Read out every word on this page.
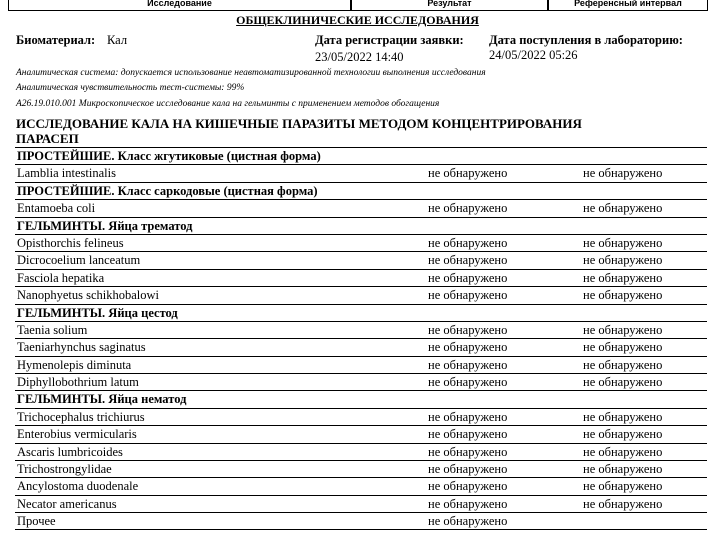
Исследование	Результат	Референсный интервал
ОБЩЕКЛИНИЧЕСКИЕ ИССЛЕДОВАНИЯ
Биоматериал: Кал	Дата регистрации заявки:
23/05/2022 14:40
Дата поступления в лабораторию:
24/05/2022 05:26
Аналитическая система: допускается использование неавтоматизированной технологии выполнения исследования
Аналитическая чувствительность тест-системы: 99%
A26.19.010.001 Микроскопическое исследование кала на гельминты с применением методов обогащения
ИССЛЕДОВАНИЕ КАЛА НА КИШЕЧНЫЕ ПАРАЗИТЫ МЕТОДОМ КОНЦЕНТРИРОВАНИЯ ПАРАСЕП
ПРОСТЕЙШИЕ. Класс жгутиковые (цистная форма)
Lamblia intestinalis	не обнаружено	не обнаружено
ПРОСТЕЙШИЕ. Класс саркодовые (цистная форма)
Entamoeba coli	не обнаружено	не обнаружено
ГЕЛЬМИНТЫ. Яйца трематод
Opisthorchis felineus	не обнаружено	не обнаружено
Dicrocoelium lanceatum	не обнаружено	не обнаружено
Fasciola hepatika	не обнаружено	не обнаружено
Nanophyetus schikhobalowi	не обнаружено	не обнаружено
ГЕЛЬМИНТЫ. Яйца цестод
Taenia solium	не обнаружено	не обнаружено
Taeniarhynchus saginatus	не обнаружено	не обнаружено
Hymenolepis diminuta	не обнаружено	не обнаружено
Diphyllobothrium latum	не обнаружено	не обнаружено
ГЕЛЬМИНТЫ. Яйца нематод
Trichocephalus trichiurus	не обнаружено	не обнаружено
Enterobius vermicularis	не обнаружено	не обнаружено
Ascaris lumbricoides	не обнаружено	не обнаружено
Trichostrongylidae	не обнаружено	не обнаружено
Ancylostoma duodenale	не обнаружено	не обнаружено
Necator americanus	не обнаружено	не обнаружено
Прочее	не обнаружено
